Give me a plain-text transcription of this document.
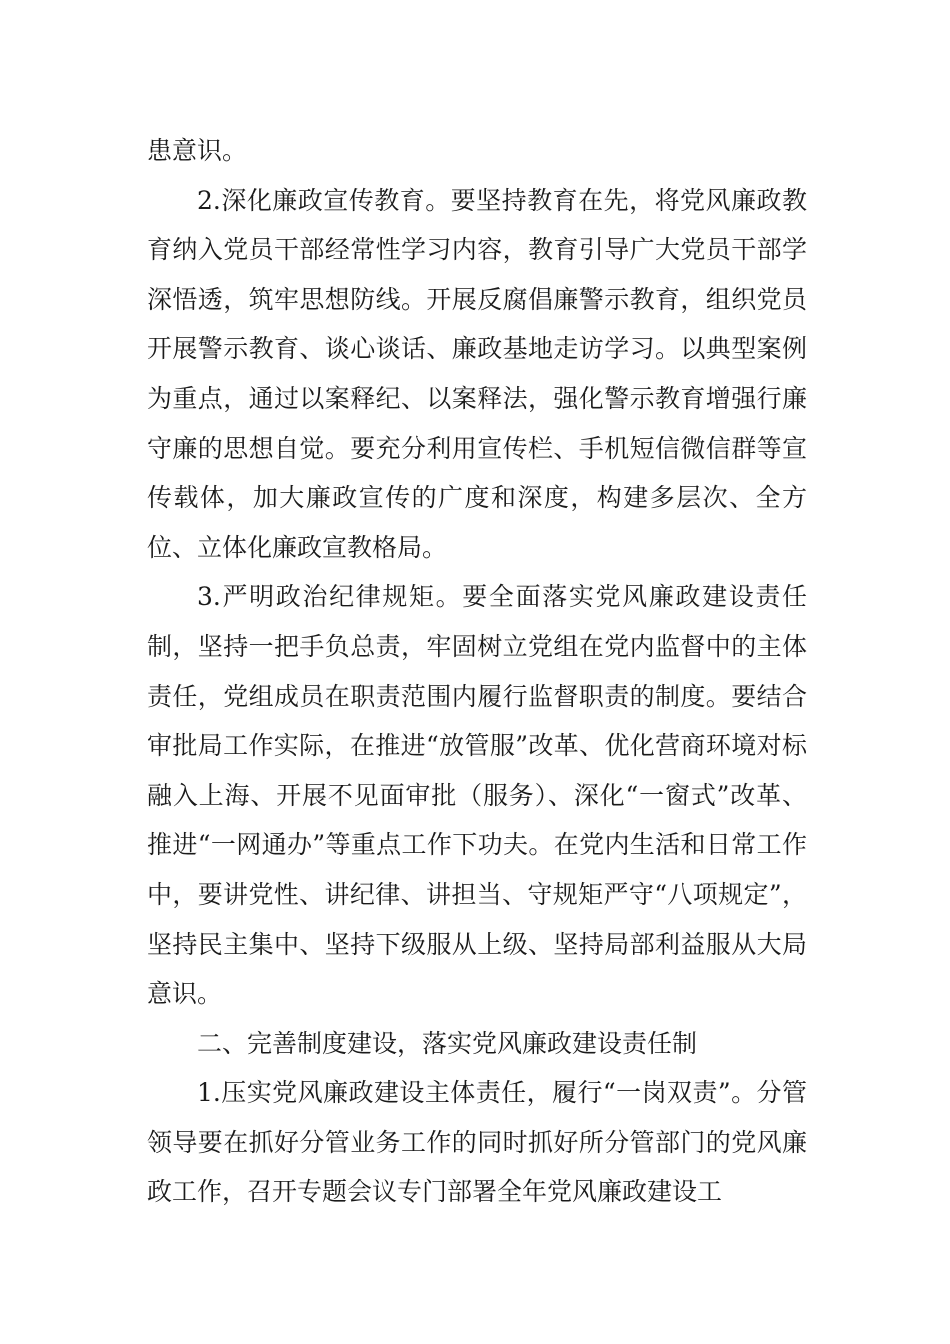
患意识。

2.深化廉政宣传教育。要坚持教育在先，将党风廉政教育纳入党员干部经常性学习内容，教育引导广大党员干部学深悟透，筑牢思想防线。开展反腐倡廉警示教育，组织党员开展警示教育、谈心谈话、廉政基地走访学习。以典型案例为重点，通过以案释纪、以案释法，强化警示教育增强行廉守廉的思想自觉。要充分利用宣传栏、手机短信微信群等宣传载体，加大廉政宣传的广度和深度，构建多层次、全方位、立体化廉政宣教格局。

3.严明政治纪律规矩。要全面落实党风廉政建设责任制，坚持一把手负总责，牢固树立党组在党内监督中的主体责任，党组成员在职责范围内履行监督职责的制度。要结合审批局工作实际，在推进“放管服”改革、优化营商环境对标融入上海、开展不见面审批（服务）、深化“一窗式”改革、推进“一网通办”等重点工作下功夫。在党内生活和日常工作中，要讲党性、讲纪律、讲担当、守规矩严守“八项规定”，坚持民主集中、坚持下级服从上级、坚持局部利益服从大局意识。

二、完善制度建设，落实党风廉政建设责任制

1.压实党风廉政建设主体责任，履行“一岗双责”。分管领导要在抓好分管业务工作的同时抓好所分管部门的党风廉政工作，召开专题会议专门部署全年党风廉政建设工
